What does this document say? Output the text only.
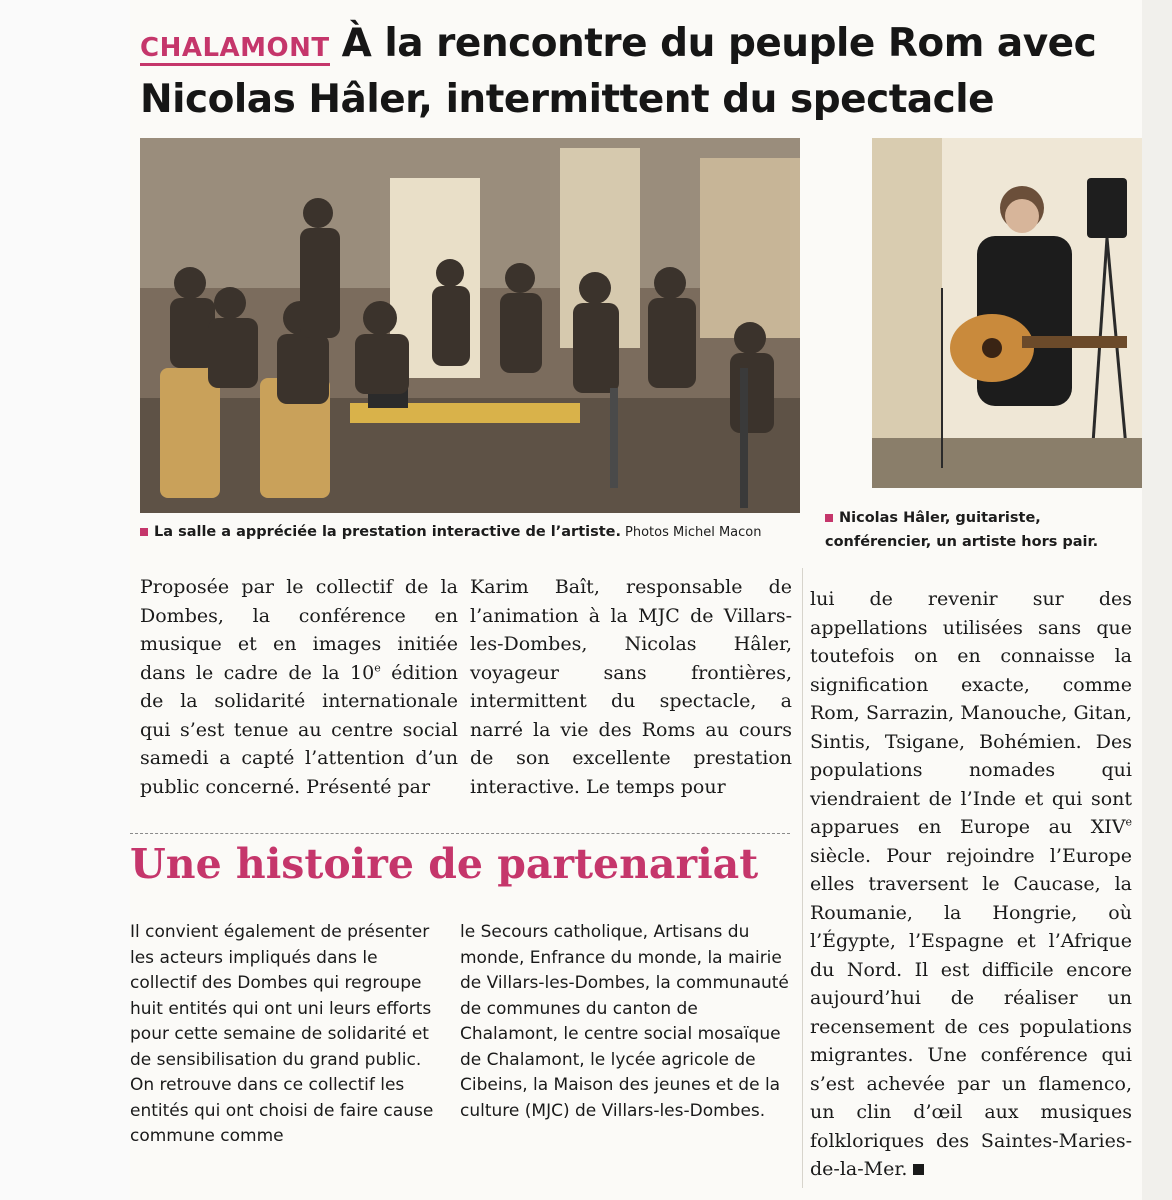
CHALAMONT À la rencontre du peuple Rom avec
Nicolas Hâler, intermittent du spectacle
La salle a appréciée la prestation interactive de l’artiste. Photos Michel Macon
Nicolas Hâler, guitariste,
conférencier, un artiste hors pair.
Proposée par le collectif de la Dombes, la conférence en musique et en images initiée dans le cadre de la 10e édition de la solidarité internationale qui s’est tenue au centre social samedi a capté l’attention d’un public concerné. Présenté par
Karim Baît, responsable de l’animation à la MJC de Villars-les-Dombes, Nicolas Hâler, voyageur sans frontières, intermittent du spectacle, a narré la vie des Roms au cours de son excellente prestation interactive. Le temps pour
lui de revenir sur des appellations utilisées sans que toutefois on en connaisse la signification exacte, comme Rom, Sarrazin, Manouche, Gitan, Sintis, Tsigane, Bohémien. Des populations nomades qui viendraient de l’Inde et qui sont apparues en Europe au XIVe siècle. Pour rejoindre l’Europe elles traversent le Caucase, la Roumanie, la Hongrie, où l’Égypte, l’Espagne et l’Afrique du Nord. Il est difficile encore aujourd’hui de réaliser un recensement de ces populations migrantes. Une conférence qui s’est achevée par un flamenco, un clin d’œil aux musiques folkloriques des Saintes-Maries-de-la-Mer.
Une histoire de partenariat
Il convient également de présenter les acteurs impliqués dans le collectif des Dombes qui regroupe huit entités qui ont uni leurs efforts pour cette semaine de solidarité et de sensibilisation du grand public. On retrouve dans ce collectif les entités qui ont choisi de faire cause commune comme
le Secours catholique, Artisans du monde, Enfrance du monde, la mairie de Villars-les-Dombes, la communauté de communes du canton de Chalamont, le centre social mosaïque de Chalamont, le lycée agricole de Cibeins, la Maison des jeunes et de la culture (MJC) de Villars-les-Dombes.
